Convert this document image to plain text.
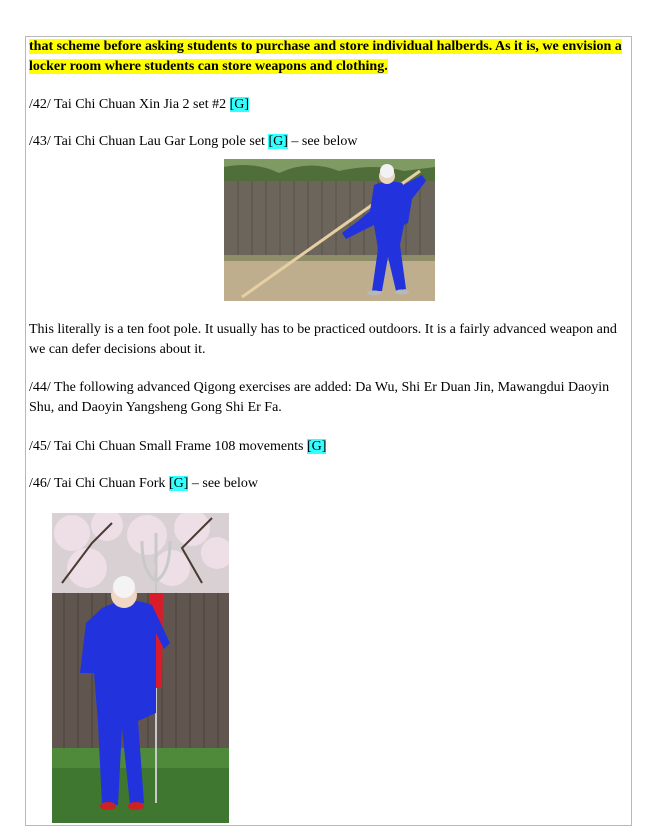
that scheme before asking students to purchase and store individual halberds. As it is, we envision a locker room where students can store weapons and clothing.

/42/ Tai Chi Chuan Xin Jia 2 set #2 [G]

/43/ Tai Chi Chuan Lau Gar Long pole set [G] – see below

This literally is a ten foot pole. It usually has to be practiced outdoors. It is a fairly advanced weapon and we can defer decisions about it.

/44/ The following advanced Qigong exercises are added: Da Wu, Shi Er Duan Jin, Mawangdui Daoyin Shu, and Daoyin Yangsheng Gong Shi Er Fa.

/45/ Tai Chi Chuan Small Frame 108 movements [G]

/46/ Tai Chi Chuan Fork [G] – see below
